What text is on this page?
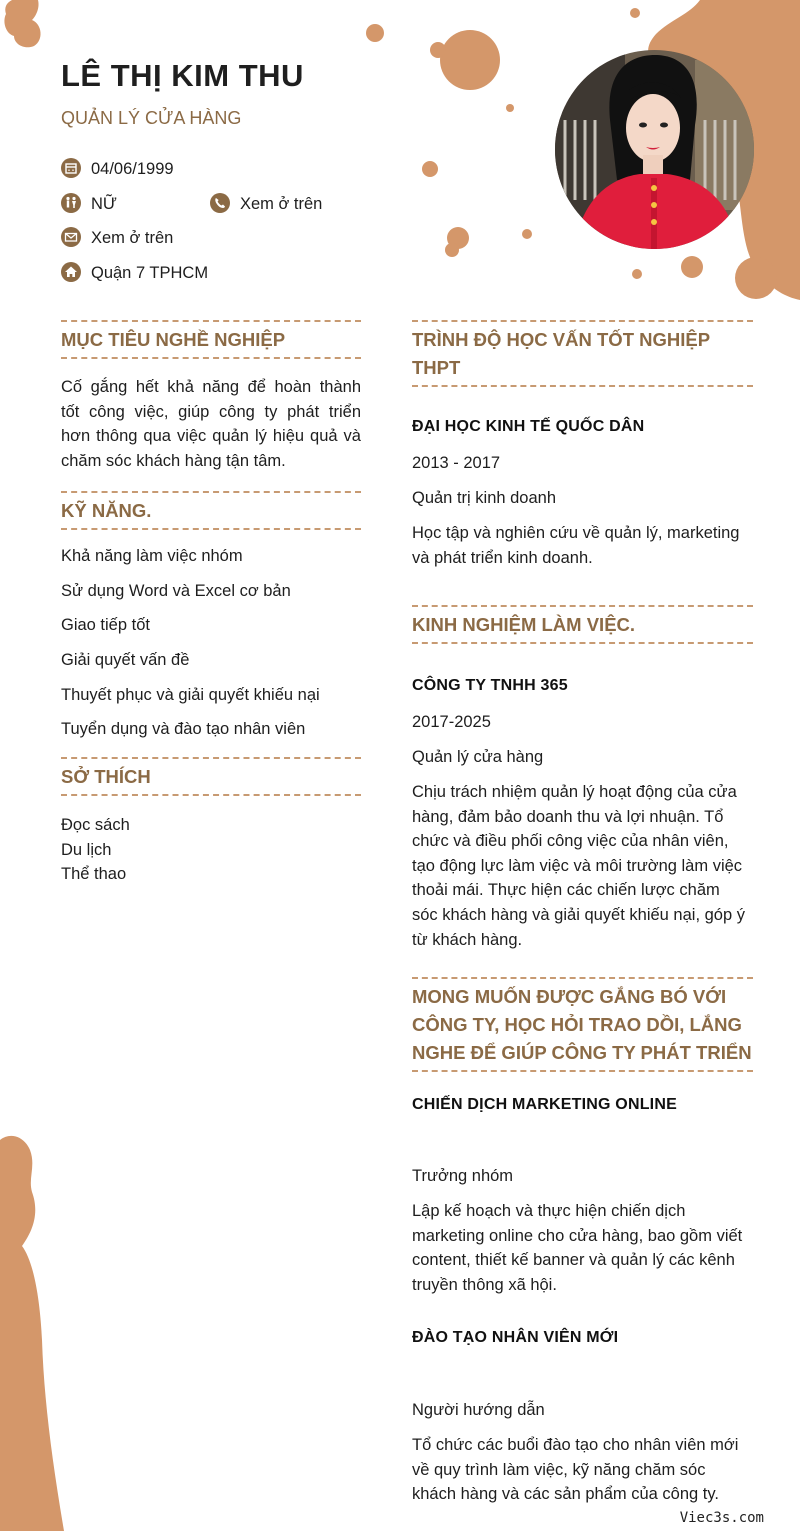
LÊ THỊ KIM THU
QUẢN LÝ CỬA HÀNG
04/06/1999
NỮ	Xem ở trên
Xem ở trên
Quận 7 TPHCM
MỤC TIÊU NGHỀ NGHIỆP
Cố gắng hết khả năng để hoàn thành
tốt công việc, giúp công ty phát triển
hơn thông qua việc quản lý hiệu quả và
chăm sóc khách hàng tận tâm.
KỸ NĂNG.
Khả năng làm việc nhóm
Sử dụng Word và Excel cơ bản
Giao tiếp tốt
Giải quyết vấn đề
Thuyết phục và giải quyết khiếu nại
Tuyển dụng và đào tạo nhân viên
SỞ THÍCH
Đọc sách
Du lịch
Thể thao
TRÌNH ĐỘ HỌC VẤN TỐT NGHIỆP
THPT
ĐẠI HỌC KINH TẾ QUỐC DÂN
2013 - 2017
Quản trị kinh doanh
Học tập và nghiên cứu về quản lý, marketing
và phát triển kinh doanh.
KINH NGHIỆM LÀM VIỆC.
CÔNG TY TNHH 365
2017-2025
Quản lý cửa hàng
Chịu trách nhiệm quản lý hoạt động của cửa
hàng, đảm bảo doanh thu và lợi nhuận. Tổ
chức và điều phối công việc của nhân viên,
tạo động lực làm việc và môi trường làm việc
thoải mái. Thực hiện các chiến lược chăm
sóc khách hàng và giải quyết khiếu nại, góp ý
từ khách hàng.
MONG MUỐN ĐƯỢC GẮNG BÓ VỚI
CÔNG TY, HỌC HỎI TRAO DỒI, LẮNG
NGHE ĐỂ GIÚP CÔNG TY PHÁT TRIỂN
CHIẾN DỊCH MARKETING ONLINE
Trưởng nhóm
Lập kế hoạch và thực hiện chiến dịch
marketing online cho cửa hàng, bao gồm viết
content, thiết kế banner và quản lý các kênh
truyền thông xã hội.
ĐÀO TẠO NHÂN VIÊN MỚI
Người hướng dẫn
Tổ chức các buổi đào tạo cho nhân viên mới
về quy trình làm việc, kỹ năng chăm sóc
khách hàng và các sản phẩm của công ty.
Viec3s.com
